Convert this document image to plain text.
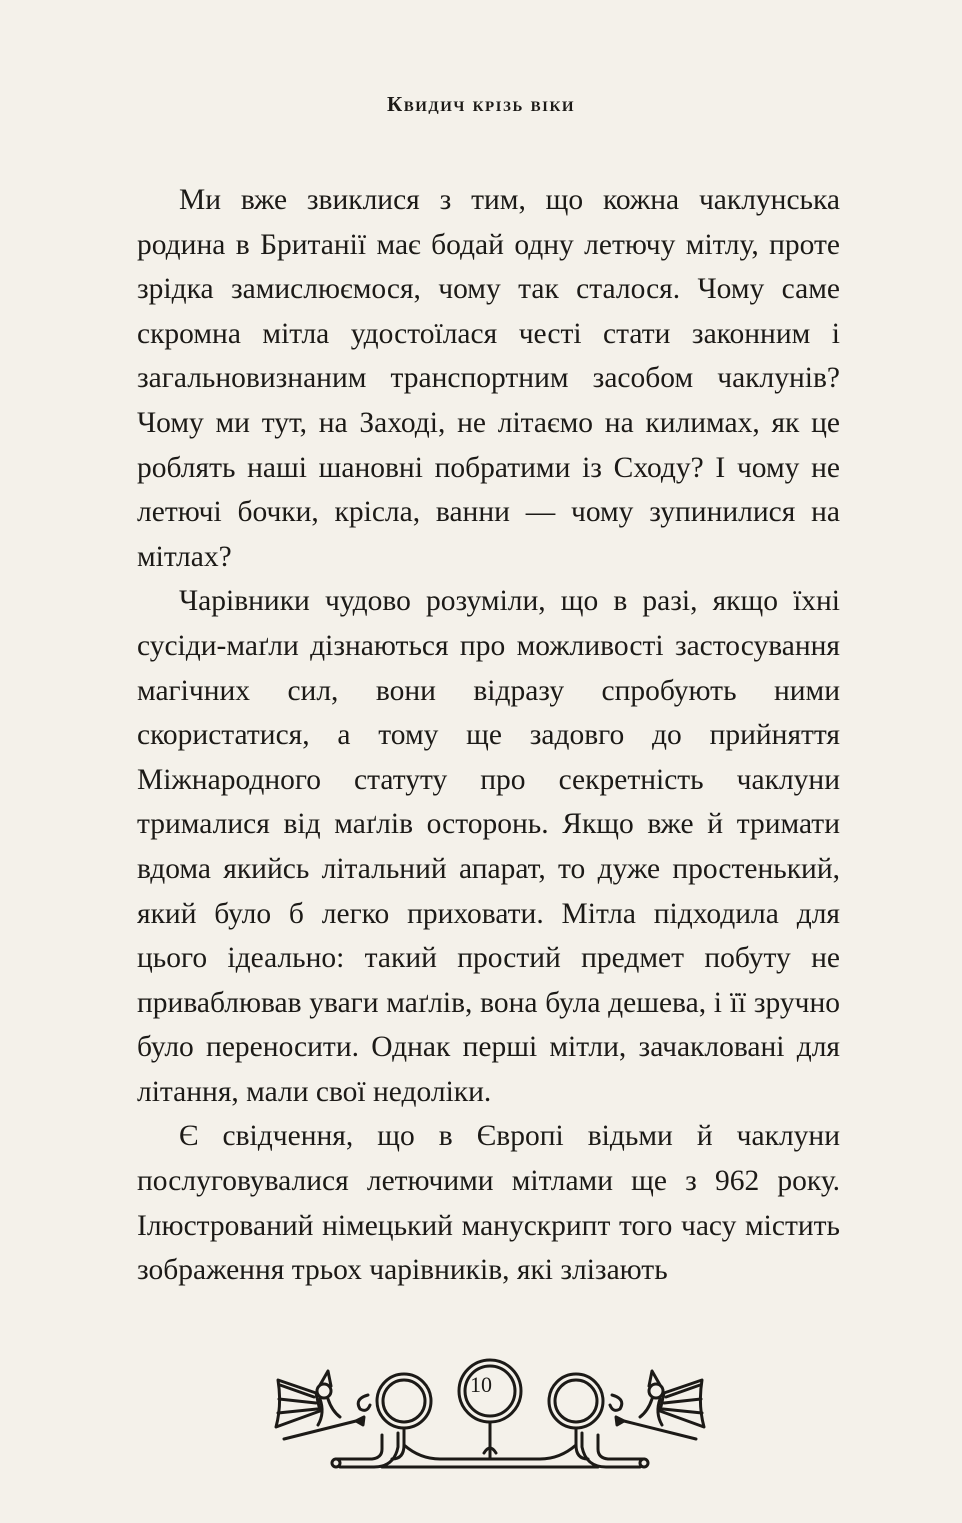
Квидич крізь віки

Ми вже звиклися з тим, що кожна чаклунська родина в Британії має бодай одну летючу мітлу, проте зрідка замислюємося, чому так сталося. Чому саме скромна мітла удостоїлася честі стати законним і загальновизнаним транспортним засобом чаклунів? Чому ми тут, на Заході, не літаємо на килимах, як це роблять наші шановні побратими із Сходу? І чому не летючі бочки, крісла, ванни — чому зупинилися на мітлах?

Чарівники чудово розуміли, що в разі, якщо їхні сусіди-маґли дізнаються про можливості застосування магічних сил, вони відразу спробують ними скористатися, а тому ще задовго до прийняття Міжнародного статуту про секретність чаклуни трималися від маґлів осторонь. Якщо вже й тримати вдома якийсь літальний апарат, то дуже простенький, який було б легко приховати. Мітла підходила для цього ідеально: такий простий предмет побуту не приваблював уваги маґлів, вона була дешева, і її зручно було переносити. Однак перші мітли, зачакловані для літання, мали свої недоліки.

Є свідчення, що в Європі відьми й чаклуни послуговувалися летючими мітлами ще з 962 року. Ілюстрований німецький манускрипт того часу містить зображення трьох чарівників, які злізають

10
